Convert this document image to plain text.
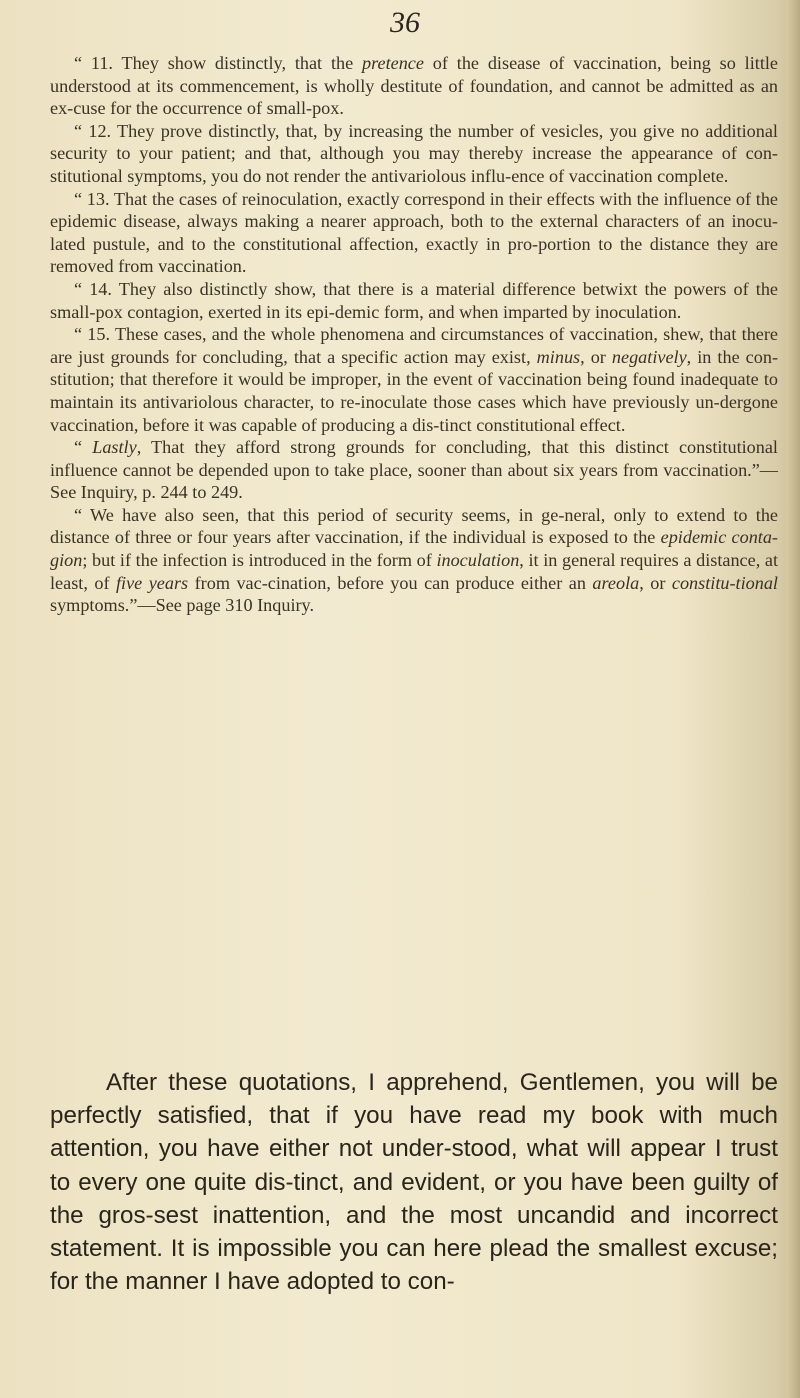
36

“ 11. They show distinctly, that the pretence of the disease of vaccination, being so little understood at its commencement, is wholly destitute of foundation, and cannot be admitted as an ex-cuse for the occurrence of small-pox.

“ 12. They prove distinctly, that, by increasing the number of vesicles, you give no additional security to your patient; and that, although you may thereby increase the appearance of con-stitutional symptoms, you do not render the antivariolous influ-ence of vaccination complete.

“ 13. That the cases of reinoculation, exactly correspond in their effects with the influence of the epidemic disease, always making a nearer approach, both to the external characters of an inocu-lated pustule, and to the constitutional affection, exactly in pro-portion to the distance they are removed from vaccination.

“ 14. They also distinctly show, that there is a material difference betwixt the powers of the small-pox contagion, exerted in its epi-demic form, and when imparted by inoculation.

“ 15. These cases, and the whole phenomena and circumstances of vaccination, shew, that there are just grounds for concluding, that a specific action may exist, minus, or negatively, in the con-stitution; that therefore it would be improper, in the event of vaccination being found inadequate to maintain its antivariolous character, to re-inoculate those cases which have previously un-dergone vaccination, before it was capable of producing a dis-tinct constitutional effect.

“ Lastly, That they afford strong grounds for concluding, that this distinct constitutional influence cannot be depended upon to take place, sooner than about six years from vaccination.”— See Inquiry, p. 244 to 249.

“ We have also seen, that this period of security seems, in ge-neral, only to extend to the distance of three or four years after vaccination, if the individual is exposed to the epidemic conta-gion; but if the infection is introduced in the form of inoculation, it in general requires a distance, at least, of five years from vac-cination, before you can produce either an areola, or constitu-tional symptoms.”—See page 310 Inquiry.

After these quotations, I apprehend, Gentlemen, you will be perfectly satisfied, that if you have read my book with much attention, you have either not under-stood, what will appear I trust to every one quite dis-tinct, and evident, or you have been guilty of the gros-sest inattention, and the most uncandid and incorrect statement. It is impossible you can here plead the smallest excuse; for the manner I have adopted to con-
